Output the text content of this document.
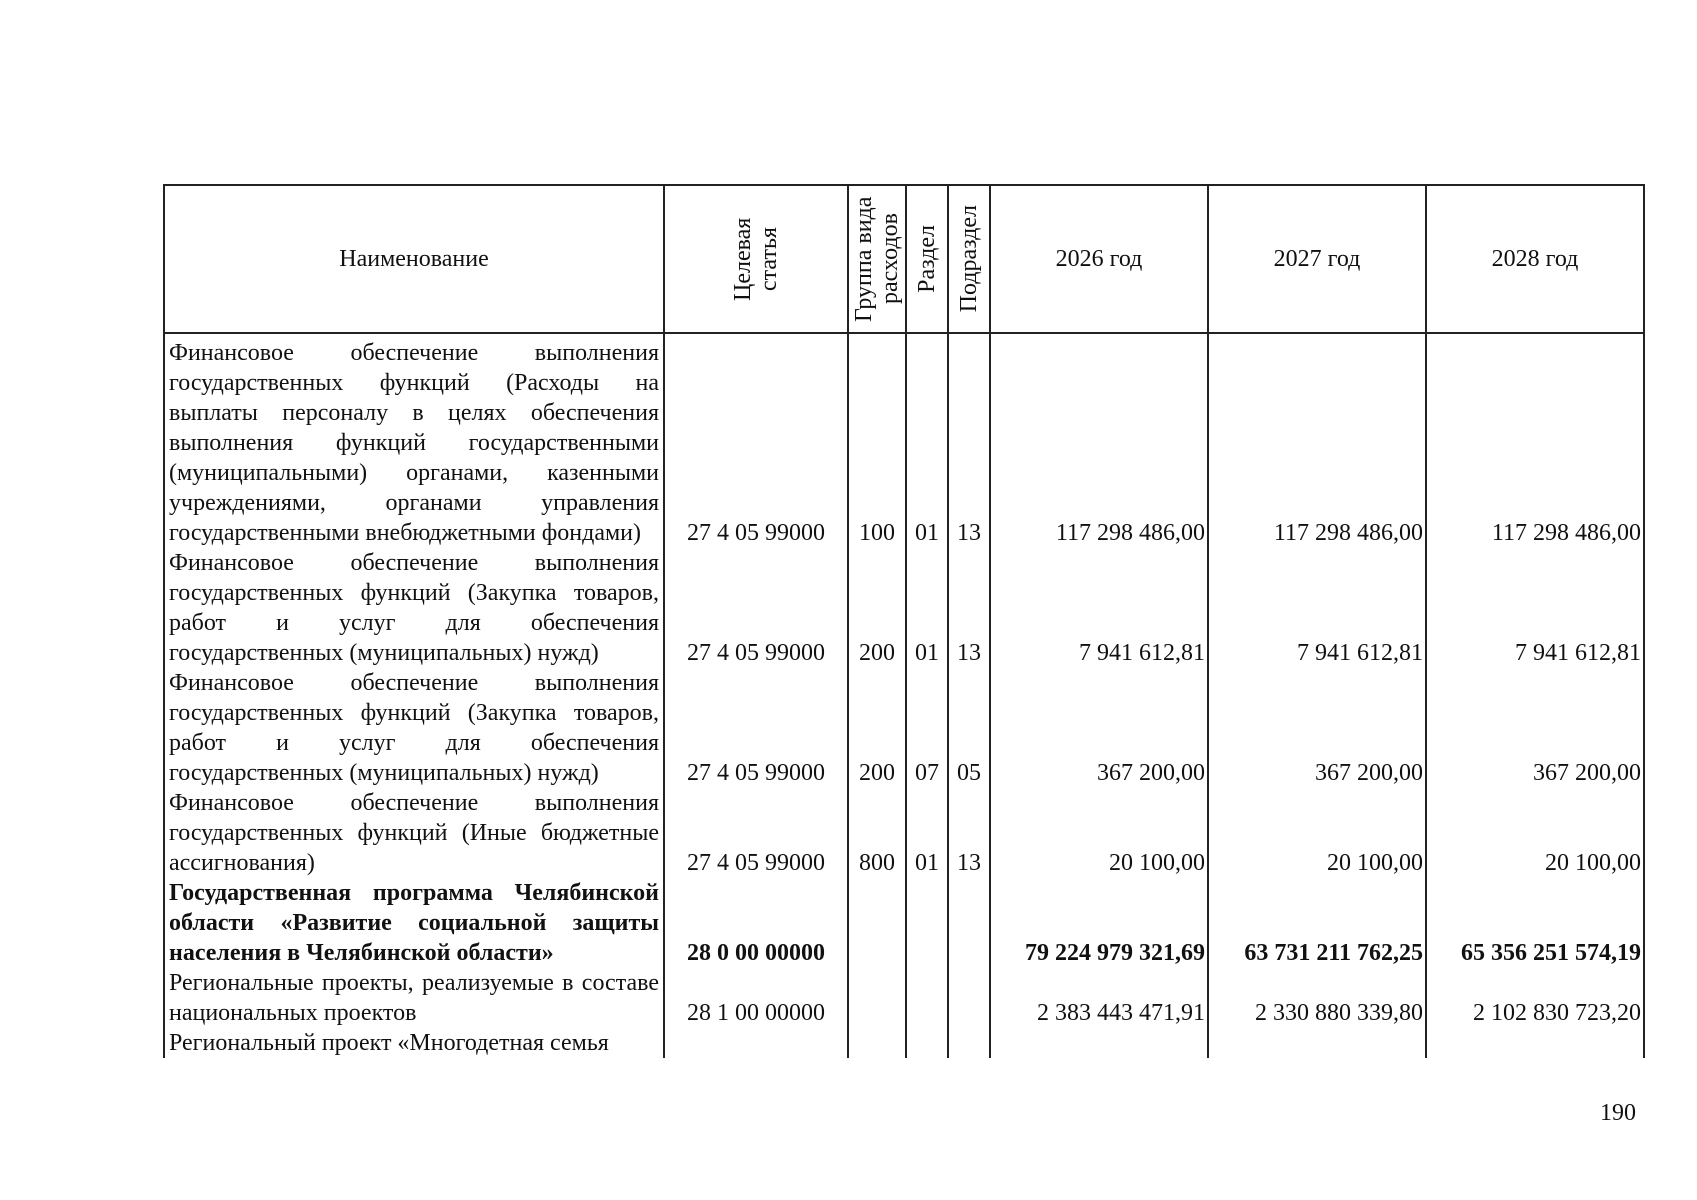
Наименование	Целевая статья	Группа вида расходов	Раздел	Подраздел	2026 год	2027 год	2028 год

Финансовое обеспечение выполнения государственных функций (Расходы на выплаты персоналу в целях обеспечения выполнения функций государственными (муниципальными) органами, казенными учреждениями, органами управления государственными внебюджетными фондами)	27 4 05 99000	100	01	13	117 298 486,00	117 298 486,00	117 298 486,00
Финансовое обеспечение выполнения государственных функций (Закупка товаров, работ и услуг для обеспечения государственных (муниципальных) нужд)	27 4 05 99000	200	01	13	7 941 612,81	7 941 612,81	7 941 612,81
Финансовое обеспечение выполнения государственных функций (Закупка товаров, работ и услуг для обеспечения государственных (муниципальных) нужд)	27 4 05 99000	200	07	05	367 200,00	367 200,00	367 200,00
Финансовое обеспечение выполнения государственных функций (Иные бюджетные ассигнования)	27 4 05 99000	800	01	13	20 100,00	20 100,00	20 100,00
Государственная программа Челябинской области «Развитие социальной защиты населения в Челябинской области»	28 0 00 00000				79 224 979 321,69	63 731 211 762,25	65 356 251 574,19
Региональные проекты, реализуемые в составе национальных проектов	28 1 00 00000				2 383 443 471,91	2 330 880 339,80	2 102 830 723,20
Региональный проект «Многодетная семья							
190
